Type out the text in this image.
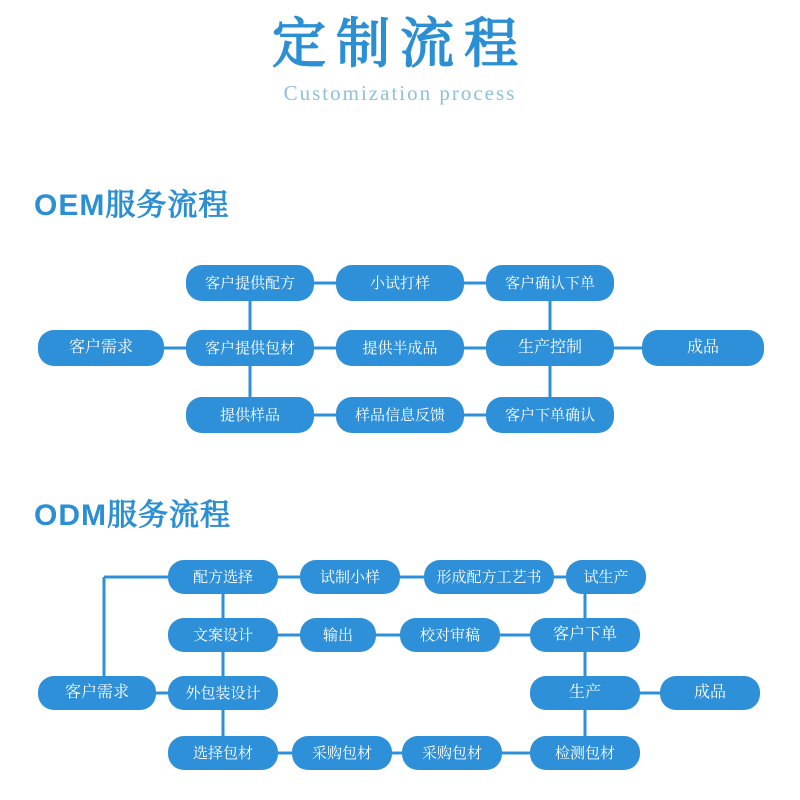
定制流程
Customization process
OEM服务流程
ODM服务流程
客户需求
客户提供配方
客户提供包材
提供样品
小试打样
提供半成品
样品信息反馈
客户确认下单
生产控制
客户下单确认
成品
客户需求
配方选择
文案设计
外包装设计
选择包材
试制小样
输出
采购包材
形成配方工艺书
校对审稿
采购包材
试生产
客户下单
生产
检测包材
成品
